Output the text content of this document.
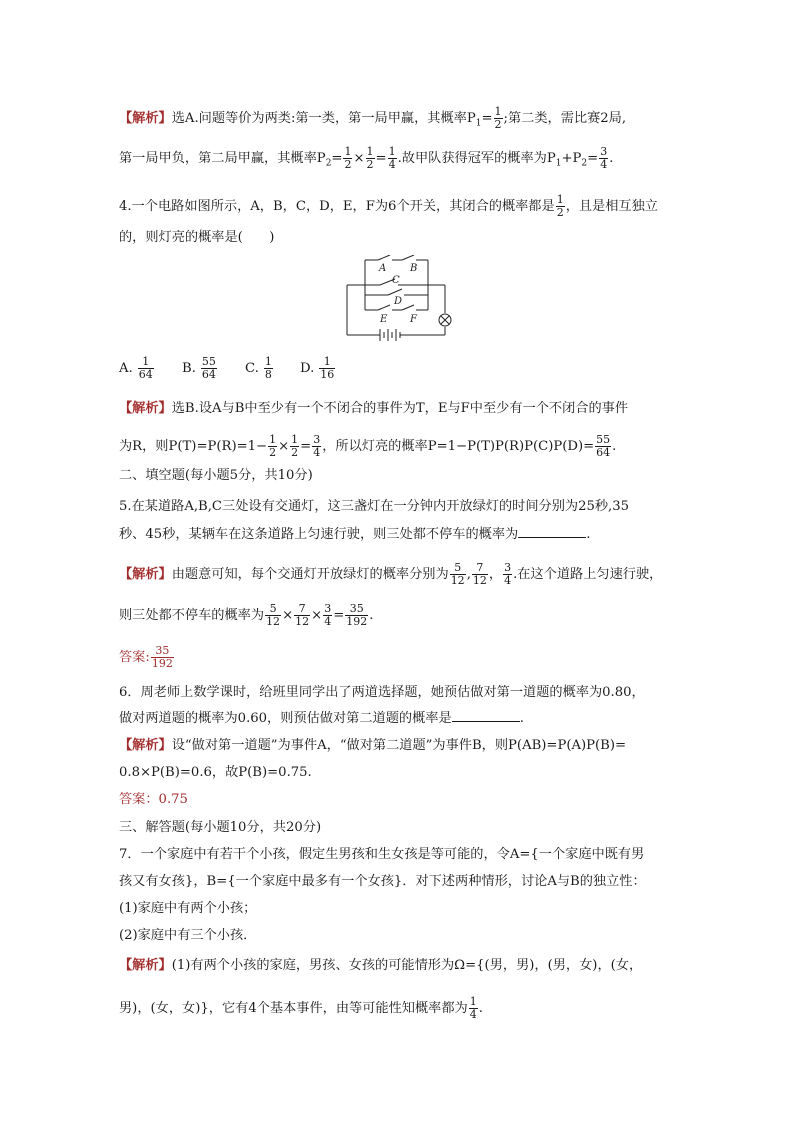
【解析】选A.问题等价为两类:第一类，第一局甲赢，其概率$P_1= \frac{1}{2}$ ;第二类，需比赛2局,
第一局甲负，第二局甲赢，其概率$P_2= \frac{1}{2} \times \frac{1}{2} = \frac{1}{4}$ .故甲队获得冠军的概率为$P_1+P_2= \frac{3}{4}$ .
4.一个电路如图所示，A，B，C，D，E，F为6个开关，其闭合的概率都是 $\frac{1}{2}$ ，且是相互独立
的，则灯亮的概率是(　　)
A B
C
D
E F
A. 1
64 B. 55
64 C. 1
8 D. 1
16
【解析】选B.设A与B中至少有一个不闭合的事件为T，E与F中至少有一个不闭合的事件
为R，则$P(T)=P(R)=1- \frac{1}{2} \times \frac{1}{2} = \frac{3}{4}$ ，所以灯亮的概率$P=1-P(T)P(R)P(C)P(D)= \frac{55}{64}$ .
二、填空题(每小题5分，共10分)
5.在某道路A,B,C三处设有交通灯，这三盏灯在一分钟内开放绿灯的时间分别为25秒,35
秒、45秒，某辆车在这条道路上匀速行驶，则三处都不停车的概率为	.
【解析】由题意可知，每个交通灯开放绿灯的概率分别为 $\frac{5}{12}$ , $\frac{7}{12}$ ， $\frac{3}{4}$ .在这个道路上匀速行驶，
则三处都不停车的概率为 $\frac{5}{12} \times \frac{7}{12} \times \frac{3}{4} = \frac{35}{192}$ .
答案: $\frac{35}{192}$
6．周老师上数学课时，给班里同学出了两道选择题，她预估做对第一道题的概率为0.80，
做对两道题的概率为0.60，则预估做对第二道题的概率是	.
【解析】设“做对第一道题”为事件A，“做对第二道题”为事件B，则P(AB)=P(A)P(B)=
0.8×P(B)=0.6，故P(B)=0.75.
答案：0.75
三、解答题(每小题10分，共20分)
7．一个家庭中有若干个小孩，假定生男孩和生女孩是等可能的，令A={一个家庭中既有男
孩又有女孩}，B={一个家庭中最多有一个女孩}．对下述两种情形，讨论A与B的独立性：
(1)家庭中有两个小孩；
(2)家庭中有三个小孩．
【解析】(1)有两个小孩的家庭，男孩、女孩的可能情形为Ω={(男，男)，(男，女)，(女，
男)，(女，女)}，它有4个基本事件，由等可能性知概率都为 $\frac{1}{4}$ .
